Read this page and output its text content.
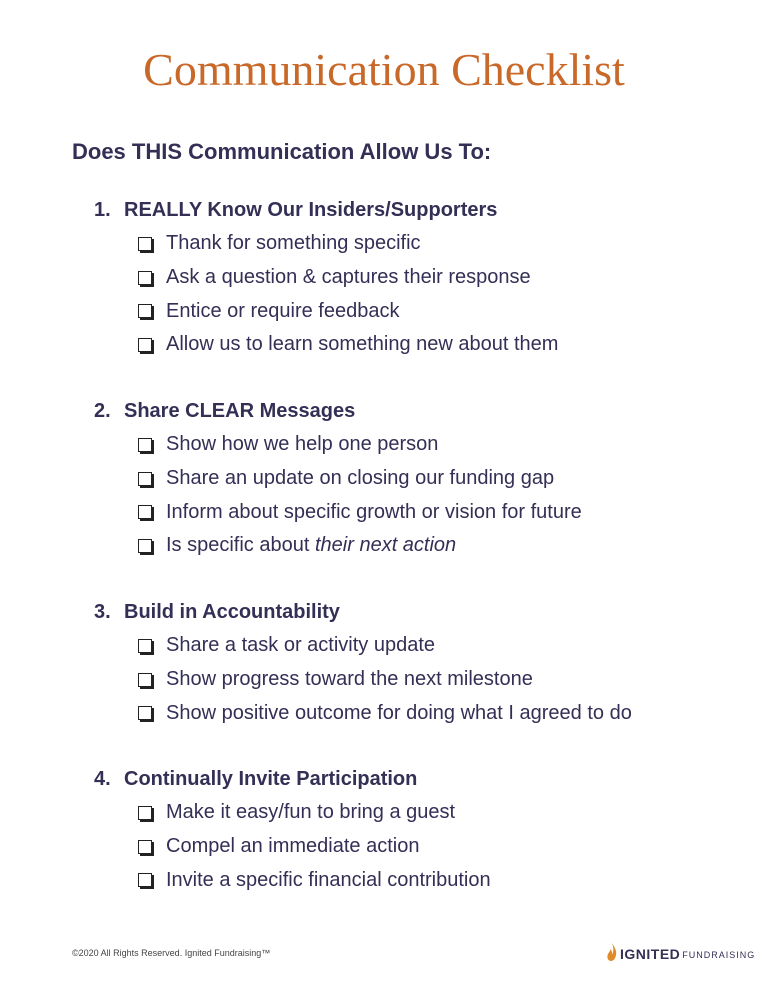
Communication Checklist
Does THIS Communication Allow Us To:
1. REALLY Know Our Insiders/Supporters
Thank for something specific
Ask a question & captures their response
Entice or require feedback
Allow us to learn something new about them
2. Share CLEAR Messages
Show how we help one person
Share an update on closing our funding gap
Inform about specific growth or vision for future
Is specific about
their next action
3. Build in Accountability
Share a task or activity update
Show progress toward the next milestone
Show positive outcome for doing what I agreed to do
4. Continually Invite Participation
Make it easy/fun to bring a guest
Compel an immediate action
Invite a specific financial contribution
©2020 All Rights Reserved. Ignited Fundraising™	IGNITED FUNDRAISING
